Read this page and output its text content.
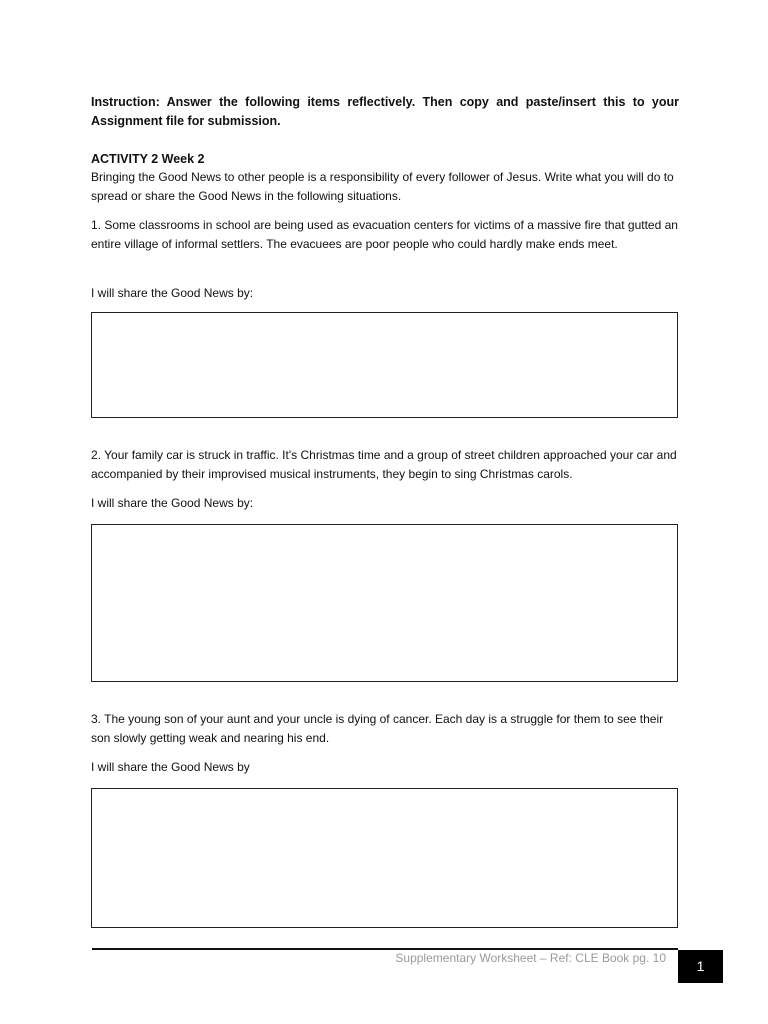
Instruction: Answer the following items reflectively. Then copy and paste/insert this to your Assignment file for submission.
ACTIVITY 2 Week 2
Bringing the Good News to other people is a responsibility of every follower of Jesus. Write what you will do to spread or share the Good News in the following situations.
1. Some classrooms in school are being used as evacuation centers for victims of a massive fire that gutted an entire village of informal settlers. The evacuees are poor people who could hardly make ends meet.
I will share the Good News by:
2. Your family car is struck in traffic. It's Christmas time and a group of street children approached your car and accompanied by their improvised musical instruments, they begin to sing Christmas carols.
I will share the Good News by:
3. The young son of your aunt and your uncle is dying of cancer. Each day is a struggle for them to see their son slowly getting weak and nearing his end.
I will share the Good News by
Supplementary Worksheet – Ref: CLE Book pg. 10	1
